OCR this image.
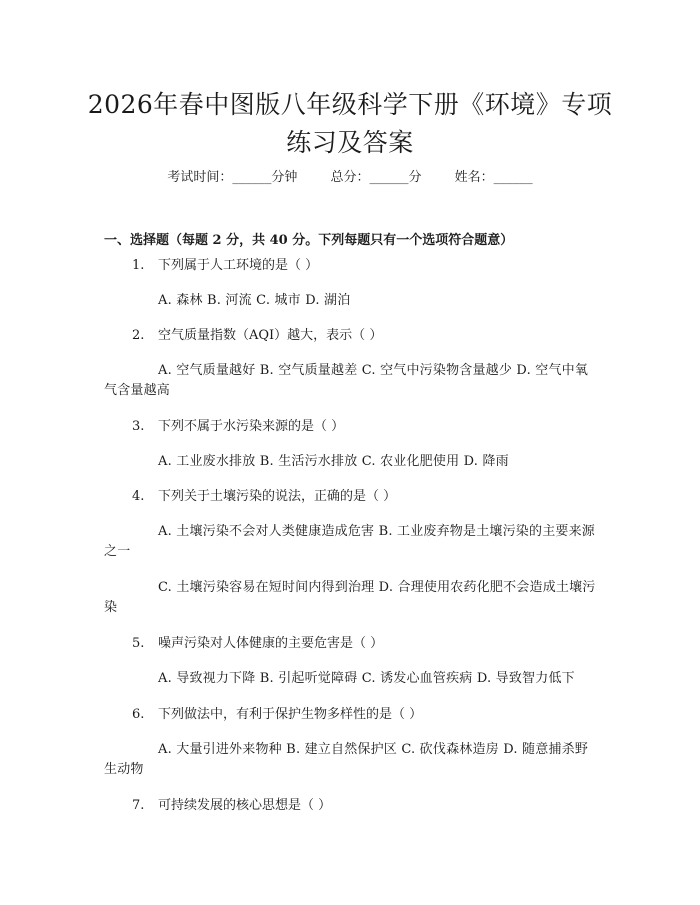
2026年春中图版八年级科学下册《环境》专项练习及答案
考试时间：______分钟	总分：______分	姓名：______
一、选择题（每题 2 分，共 40 分。下列每题只有一个选项符合题意）

1. 下列属于人工环境的是（ ）

A. 森林 B. 河流 C. 城市 D. 湖泊

2. 空气质量指数（AQI）越大，表示（ ）

A. 空气质量越好 B. 空气质量越差 C. 空气中污染物含量越少 D. 空气中氧气含量越高

3. 下列不属于水污染来源的是（ ）

A. 工业废水排放 B. 生活污水排放 C. 农业化肥使用 D. 降雨

4. 下列关于土壤污染的说法，正确的是（ ）

A. 土壤污染不会对人类健康造成危害 B. 工业废弃物是土壤污染的主要来源之一

C. 土壤污染容易在短时间内得到治理 D. 合理使用农药化肥不会造成土壤污染

5. 噪声污染对人体健康的主要危害是（ ）

A. 导致视力下降 B. 引起听觉障碍 C. 诱发心血管疾病 D. 导致智力低下

6. 下列做法中，有利于保护生物多样性的是（ ）

A. 大量引进外来物种 B. 建立自然保护区 C. 砍伐森林造房 D. 随意捕杀野生动物

7. 可持续发展的核心思想是（ ）
